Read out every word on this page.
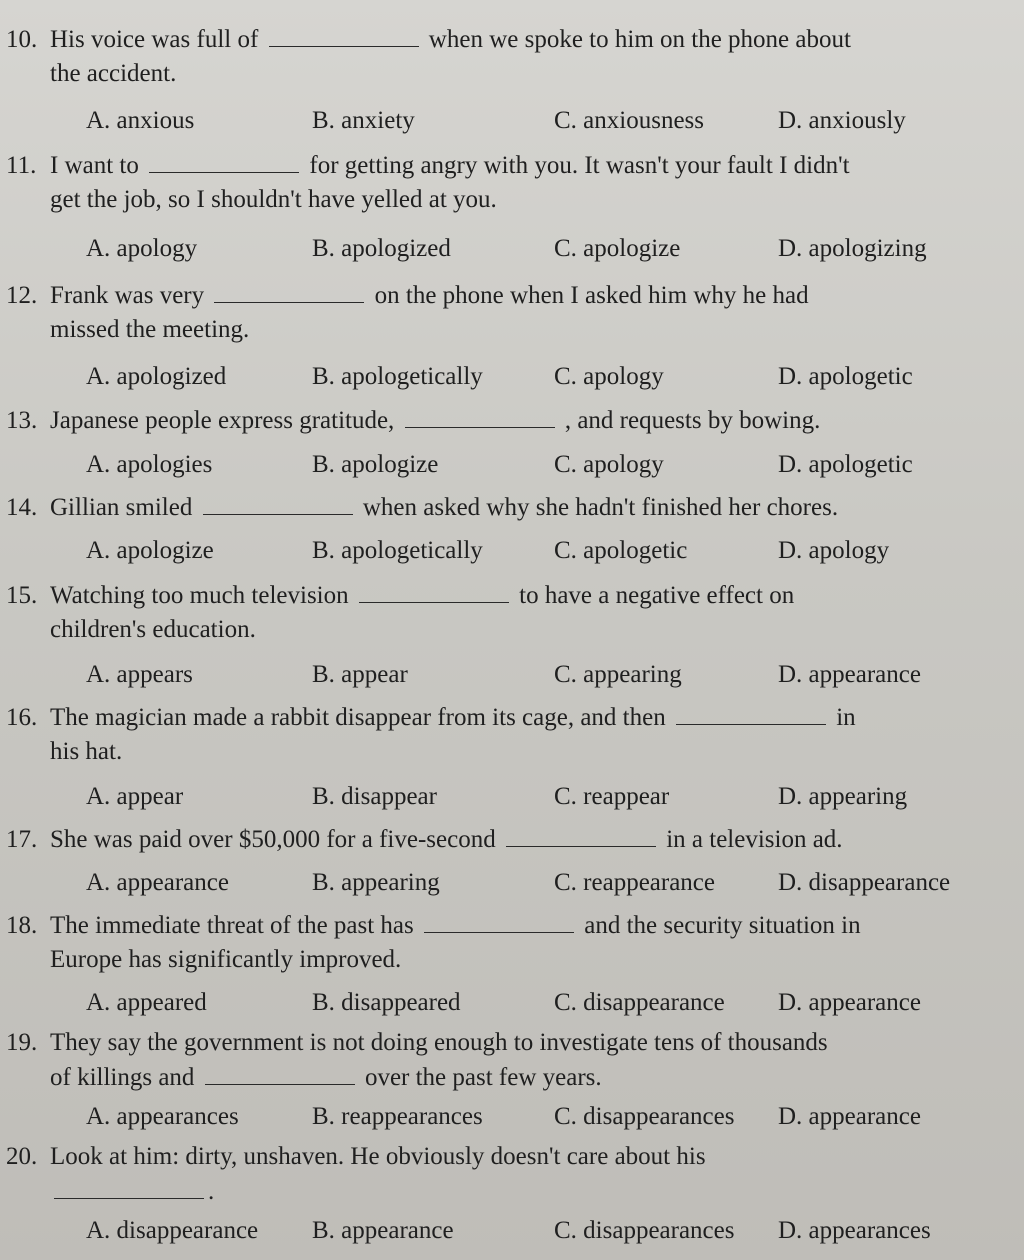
10. His voice was full of	when we spoke to him on the phone about
the accident.
A. anxious	B. anxiety	C. anxiousness	D. anxiously
11. I want to	for getting angry with you. It wasn't your fault I didn't
get the job, so I shouldn't have yelled at you.
A. apology	B. apologized	C. apologize	D. apologizing
12. Frank was very	on the phone when I asked him why he had
missed the meeting.
A. apologized	B. apologetically	C. apology	D. apologetic
13. Japanese people express gratitude,	, and requests by bowing.
A. apologies	B. apologize	C. apology	D. apologetic
14. Gillian smiled	when asked why she hadn't finished her chores.
A. apologize	B. apologetically	C. apologetic	D. apology
15. Watching too much television	to have a negative effect on
children's education.
A. appears	B. appear	C. appearing	D. appearance
16. The magician made a rabbit disappear from its cage, and then	in
his hat.
A. appear	B. disappear	C. reappear	D. appearing
17. She was paid over $50,000 for a five-second	in a television ad.
A. appearance	B. appearing	C. reappearance	D. disappearance
18. The immediate threat of the past has	and the security situation in
Europe has significantly improved.
A. appeared	B. disappeared	C. disappearance D. appearance
19. They say the government is not doing enough to investigate tens of thousands
of killings and	over the past few years.
A. appearances	B. reappearances	C. disappearances D. appearance
20. Look at him: dirty, unshaven. He obviously doesn't care about his
.
A. disappearance B. appearance	C. disappearances D. appearances
